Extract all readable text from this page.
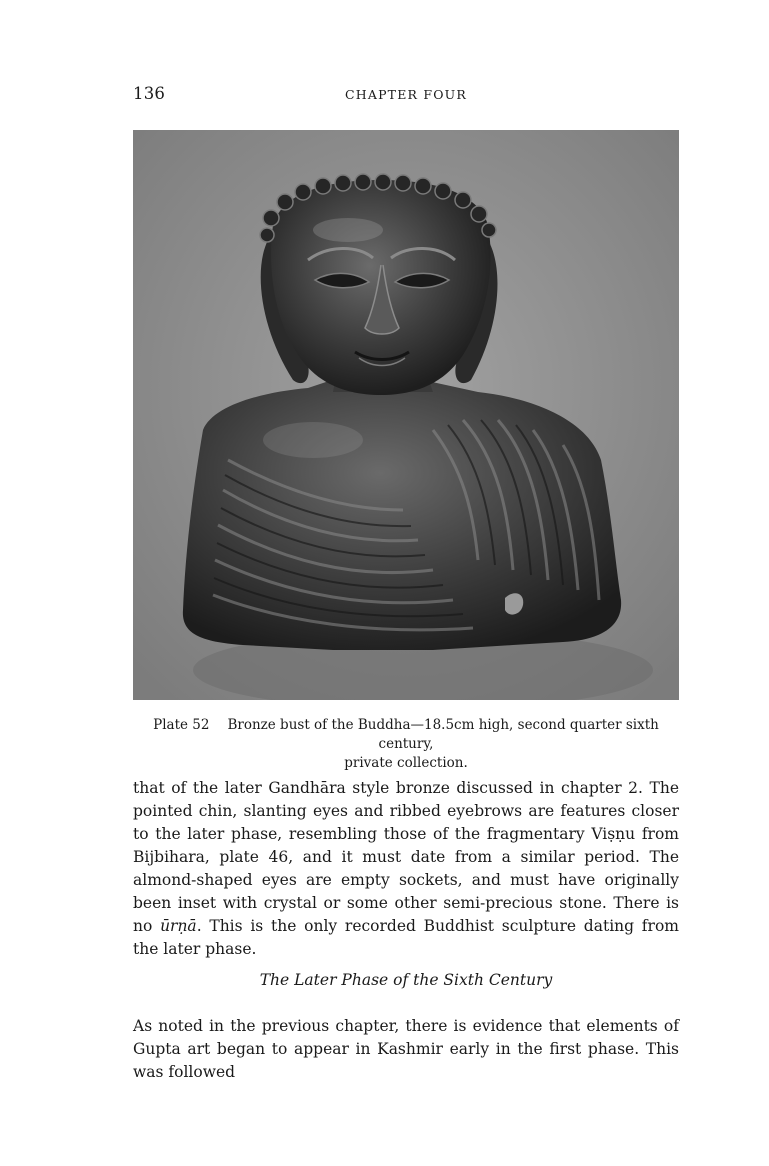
136	CHAPTER FOUR
Plate 52 Bronze bust of the Buddha—18.5cm high, second quarter sixth century,
private collection.

that of the later Gandhāra style bronze discussed in chapter 2. The pointed chin, slanting eyes and ribbed eyebrows are features closer to the later phase, resembling those of the fragmentary Viṣṇu from Bijbihara, plate 46, and it must date from a similar period. The almond-shaped eyes are empty sockets, and must have originally been inset with crystal or some other semi-precious stone. There is no ūrṇā. This is the only recorded Buddhist sculpture dating from the later phase.

The Later Phase of the Sixth Century

As noted in the previous chapter, there is evidence that elements of Gupta art began to appear in Kashmir early in the first phase. This was followed
